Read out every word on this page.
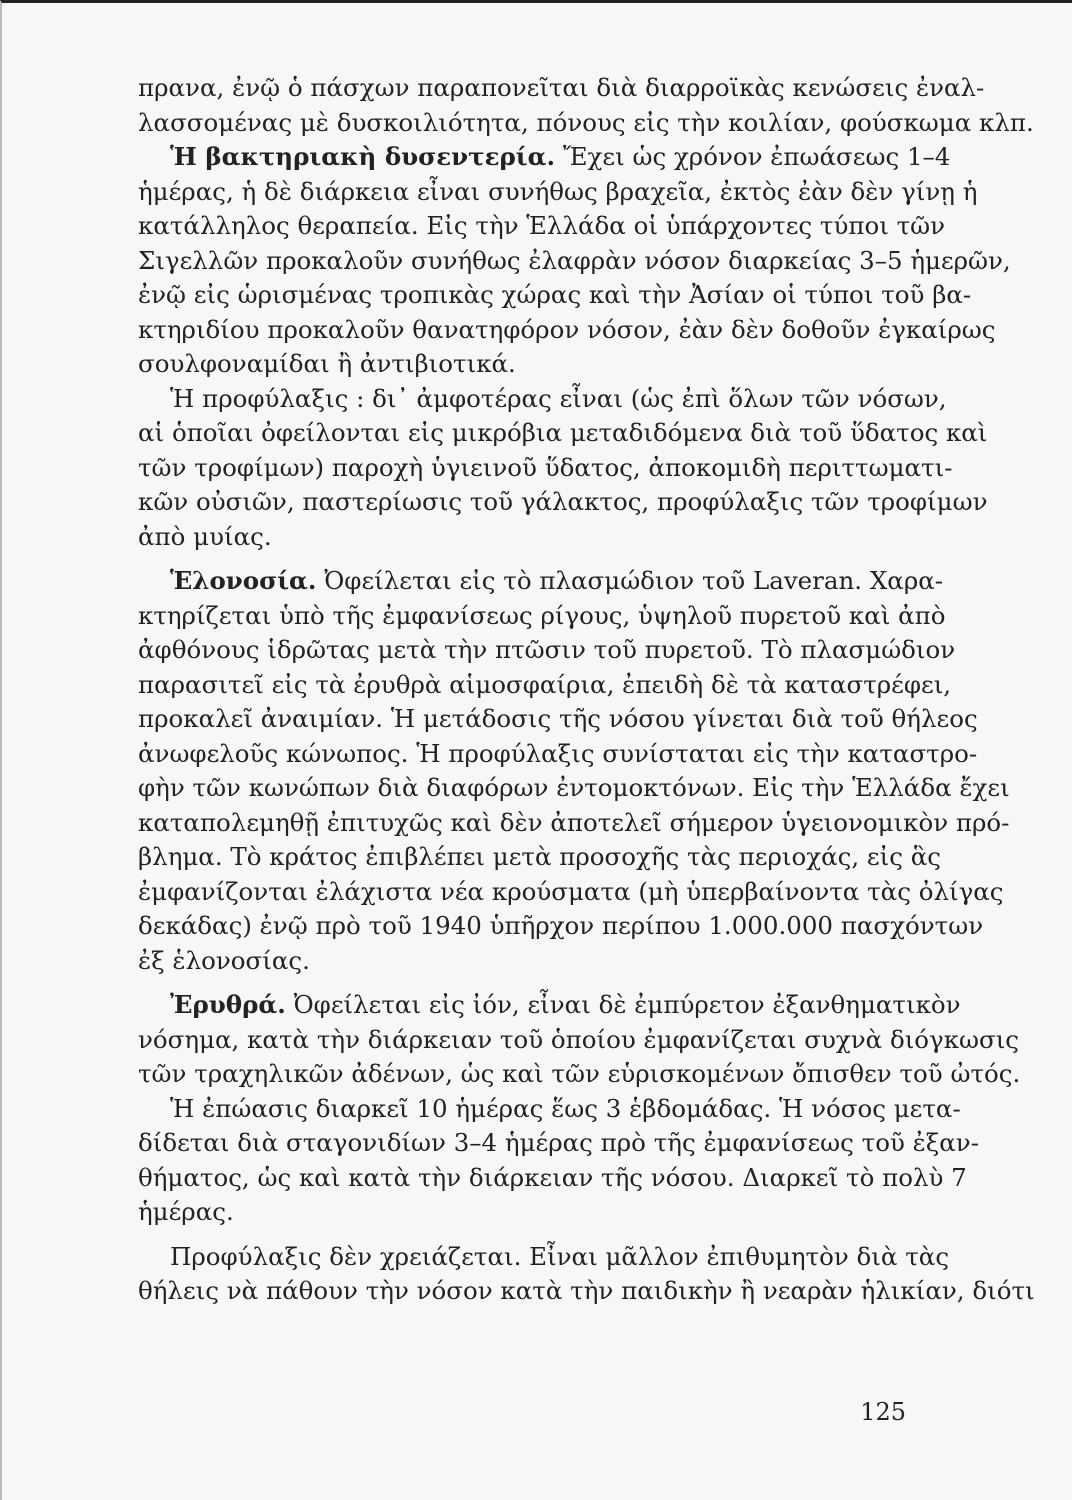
πρανα, ἐνῷ ὁ πάσχων παραπονεῖται διὰ διαρροϊκὰς κενώσεις ἐναλ-
λασσομένας μὲ δυσκοιλιότητα, πόνους εἰς τὴν κοιλίαν, φούσκωμα κλπ.
Ἡ βακτηριακὴ δυσεντερία. Ἔχει ὡς χρόνον ἐπωάσεως 1–4
ἡμέρας, ἡ δὲ διάρκεια εἶναι συνήθως βραχεῖα, ἐκτὸς ἐὰν δὲν γίνῃ ἡ
κατάλληλος θεραπεία. Εἰς τὴν Ἑλλάδα οἱ ὑπάρχοντες τύποι τῶν
Σιγελλῶν προκαλοῦν συνήθως ἐλαφρὰν νόσον διαρκείας 3–5 ἡμερῶν,
ἐνῷ εἰς ὡρισμένας τροπικὰς χώρας καὶ τὴν Ἀσίαν οἱ τύποι τοῦ βα-
κτηριδίου προκαλοῦν θανατηφόρον νόσον, ἐὰν δὲν δοθοῦν ἐγκαίρως
σουλφοναμίδαι ἢ ἀντιβιοτικά.
Ἡ προφύλαξις : δι᾽ ἀμφοτέρας εἶναι (ὡς ἐπὶ ὅλων τῶν νόσων,
αἱ ὁποῖαι ὀφείλονται εἰς μικρόβια μεταδιδόμενα διὰ τοῦ ὕδατος καὶ
τῶν τροφίμων) παροχὴ ὑγιεινοῦ ὕδατος, ἀποκομιδὴ περιττωματι-
κῶν οὐσιῶν, παστερίωσις τοῦ γάλακτος, προφύλαξις τῶν τροφίμων
ἀπὸ μυίας.
Ἑλονοσία. Ὀφείλεται εἰς τὸ πλασμώδιον τοῦ Laveran. Χαρα-
κτηρίζεται ὑπὸ τῆς ἐμφανίσεως ρίγους, ὑψηλοῦ πυρετοῦ καὶ ἀπὸ
ἀφθόνους ἱδρῶτας μετὰ τὴν πτῶσιν τοῦ πυρετοῦ. Τὸ πλασμώδιον
παρασιτεῖ εἰς τὰ ἐρυθρὰ αἱμοσφαίρια, ἐπειδὴ δὲ τὰ καταστρέφει,
προκαλεῖ ἀναιμίαν. Ἡ μετάδοσις τῆς νόσου γίνεται διὰ τοῦ θήλεος
ἀνωφελοῦς κώνωπος. Ἡ προφύλαξις συνίσταται εἰς τὴν καταστρο-
φὴν τῶν κωνώπων διὰ διαφόρων ἐντομοκτόνων. Εἰς τὴν Ἑλλάδα ἔχει
καταπολεμηθῇ ἐπιτυχῶς καὶ δὲν ἀποτελεῖ σήμερον ὑγειονομικὸν πρό-
βλημα. Τὸ κράτος ἐπιβλέπει μετὰ προσοχῆς τὰς περιοχάς, εἰς ἃς
ἐμφανίζονται ἐλάχιστα νέα κρούσματα (μὴ ὑπερβαίνοντα τὰς ὀλίγας
δεκάδας) ἐνῷ πρὸ τοῦ 1940 ὑπῆρχον περίπου 1.000.000 πασχόντων
ἐξ ἑλονοσίας.
Ἐρυθρά. Ὀφείλεται εἰς ἰόν, εἶναι δὲ ἐμπύρετον ἐξανθηματικὸν
νόσημα, κατὰ τὴν διάρκειαν τοῦ ὁποίου ἐμφανίζεται συχνὰ διόγκωσις
τῶν τραχηλικῶν ἀδένων, ὡς καὶ τῶν εὑρισκομένων ὄπισθεν τοῦ ὠτός.
Ἡ ἐπώασις διαρκεῖ 10 ἡμέρας ἕως 3 ἑβδομάδας. Ἡ νόσος μετα-
δίδεται διὰ σταγονιδίων 3–4 ἡμέρας πρὸ τῆς ἐμφανίσεως τοῦ ἐξαν-
θήματος, ὡς καὶ κατὰ τὴν διάρκειαν τῆς νόσου. Διαρκεῖ τὸ πολὺ 7
ἡμέρας.
Προφύλαξις δὲν χρειάζεται. Εἶναι μᾶλλον ἐπιθυμητὸν διὰ τὰς
θήλεις νὰ πάθουν τὴν νόσον κατὰ τὴν παιδικὴν ἢ νεαρὰν ἡλικίαν, διότι
125
